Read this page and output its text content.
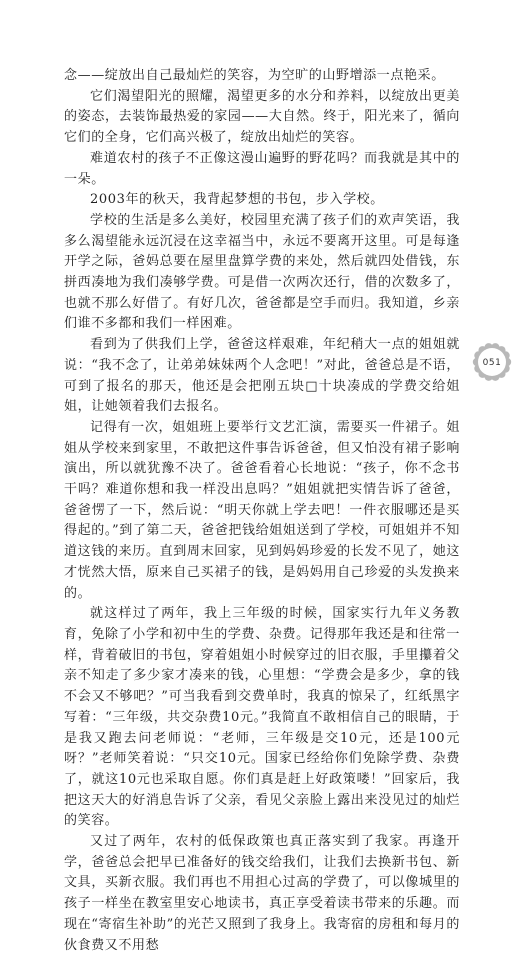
念——绽放出自己最灿烂的笑容，为空旷的山野增添一点艳采。

它们渴望阳光的照耀，渴望更多的水分和养料，以绽放出更美的姿态，去装饰最热爱的家园——大自然。终于，阳光来了，循向它们的全身，它们高兴极了，绽放出灿烂的笑容。

难道农村的孩子不正像这漫山遍野的野花吗？而我就是其中的一朵。

2003年的秋天，我背起梦想的书包，步入学校。

学校的生活是多么美好，校园里充满了孩子们的欢声笑语，我多么渴望能永远沉浸在这幸福当中，永远不要离开这里。可是每逢开学之际，爸妈总要在屋里盘算学费的来处，然后就四处借钱，东拼西凑地为我们凑够学费。可是借一次两次还行，借的次数多了，也就不那么好借了。有好几次，爸爸都是空手而归。我知道，乡亲们谁不多都和我们一样困难。

看到为了供我们上学，爸爸这样艰难，年纪稍大一点的姐姐就说：“我不念了，让弟弟妹妹两个人念吧！”对此，爸爸总是不语，可到了报名的那天，他还是会把刚五块□十块凑成的学费交给姐姐，让她领着我们去报名。

记得有一次，姐姐班上要举行文艺汇演，需要买一件裙子。姐姐从学校来到家里，不敢把这件事告诉爸爸，但又怕没有裙子影响演出，所以就犹豫不决了。爸爸看着心长地说：“孩子，你不念书干吗？难道你想和我一样没出息吗？”姐姐就把实情告诉了爸爸，爸爸愣了一下，然后说：“明天你就上学去吧！一件衣服哪还是买得起的。”到了第二天，爸爸把钱给姐姐送到了学校，可姐姐并不知道这钱的来历。直到周末回家，见到妈妈珍爱的长发不见了，她这才恍然大悟，原来自己买裙子的钱，是妈妈用自己珍爱的头发换来的。

就这样过了两年，我上三年级的时候，国家实行九年义务教育，免除了小学和初中生的学费、杂费。记得那年我还是和往常一样，背着破旧的书包，穿着姐姐小时候穿过的旧衣服，手里攥着父亲不知走了多少家才凑来的钱，心里想：“学费会是多少，拿的钱不会又不够吧？”可当我看到交费单时，我真的惊呆了，红纸黑字写着：“三年级，共交杂费10元。”我简直不敢相信自己的眼睛，于是我又跑去问老师说：“老师，三年级是交10元，还是100元呀？”老师笑着说：“只交10元。国家已经给你们免除学费、杂费了，就这10元也采取自愿。你们真是赶上好政策喽！”回家后，我把这天大的好消息告诉了父亲，看见父亲脸上露出来没见过的灿烂的笑容。

又过了两年，农村的低保政策也真正落实到了我家。再逢开学，爸爸总会把早已准备好的钱交给我们，让我们去换新书包、新文具，买新衣服。我们再也不用担心过高的学费了，可以像城里的孩子一样坐在教室里安心地读书，真正享受着读书带来的乐趣。而现在“寄宿生补助”的光芒又照到了我身上。我寄宿的房租和每月的伙食费又不用愁

051
